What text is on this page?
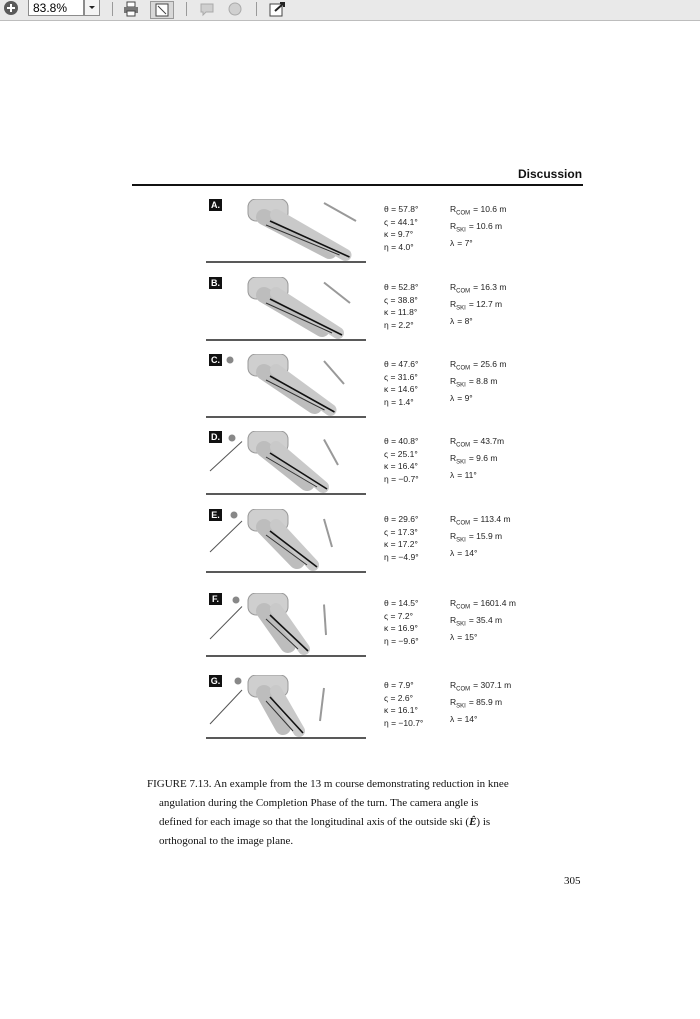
83.8%
Discussion
A.	θ = 57.8°
ς = 44.1°
κ = 9.7°
η = 4.0°
$R_{COM} = 10.6$ m
$R_{SKI} = 10.6$ m
λ = 7°
B.	θ = 52.8°
ς = 38.8°
κ = 11.8°
η = 2.2°
$R_{COM} = 16.3$ m
$R_{SKI} = 12.7$ m
λ = 8°
C.	θ = 47.6°
ς = 31.6°
κ = 14.6°
η = 1.4°
$R_{COM} = 25.6$ m
$R_{SKI} = 8.8$ m
λ = 9°
D.	θ = 40.8°
ς = 25.1°
κ = 16.4°
η = −0.7°
$R_{COM} = 43.7m$
$R_{SKI} = 9.6$ m
λ = 11°
E.	θ = 29.6°
ς = 17.3°
κ = 17.2°
η = −4.9°
$R_{COM} = 113.4$ m
$R_{SKI} = 15.9$ m
λ = 14°
F.	θ = 14.5°
ς = 7.2°
κ = 16.9°
η = −9.6°
$R_{COM} = 1601.4$ m
$R_{SKI} = 35.4$ m
λ = 15°
G.	θ = 7.9°
ς = 2.6°
κ = 16.1°
η = −10.7°
$R_{COM} = 307.1$ m
$R_{SKI} = 85.9$ m
λ = 14°
FIGURE 7.13. An example from the 13 m course demonstrating reduction in knee
angulation during the Completion Phase of the turn. The camera angle is
defined for each image so that the longitudinal axis of the outside ski (Ê) is
orthogonal to the image plane.
305
